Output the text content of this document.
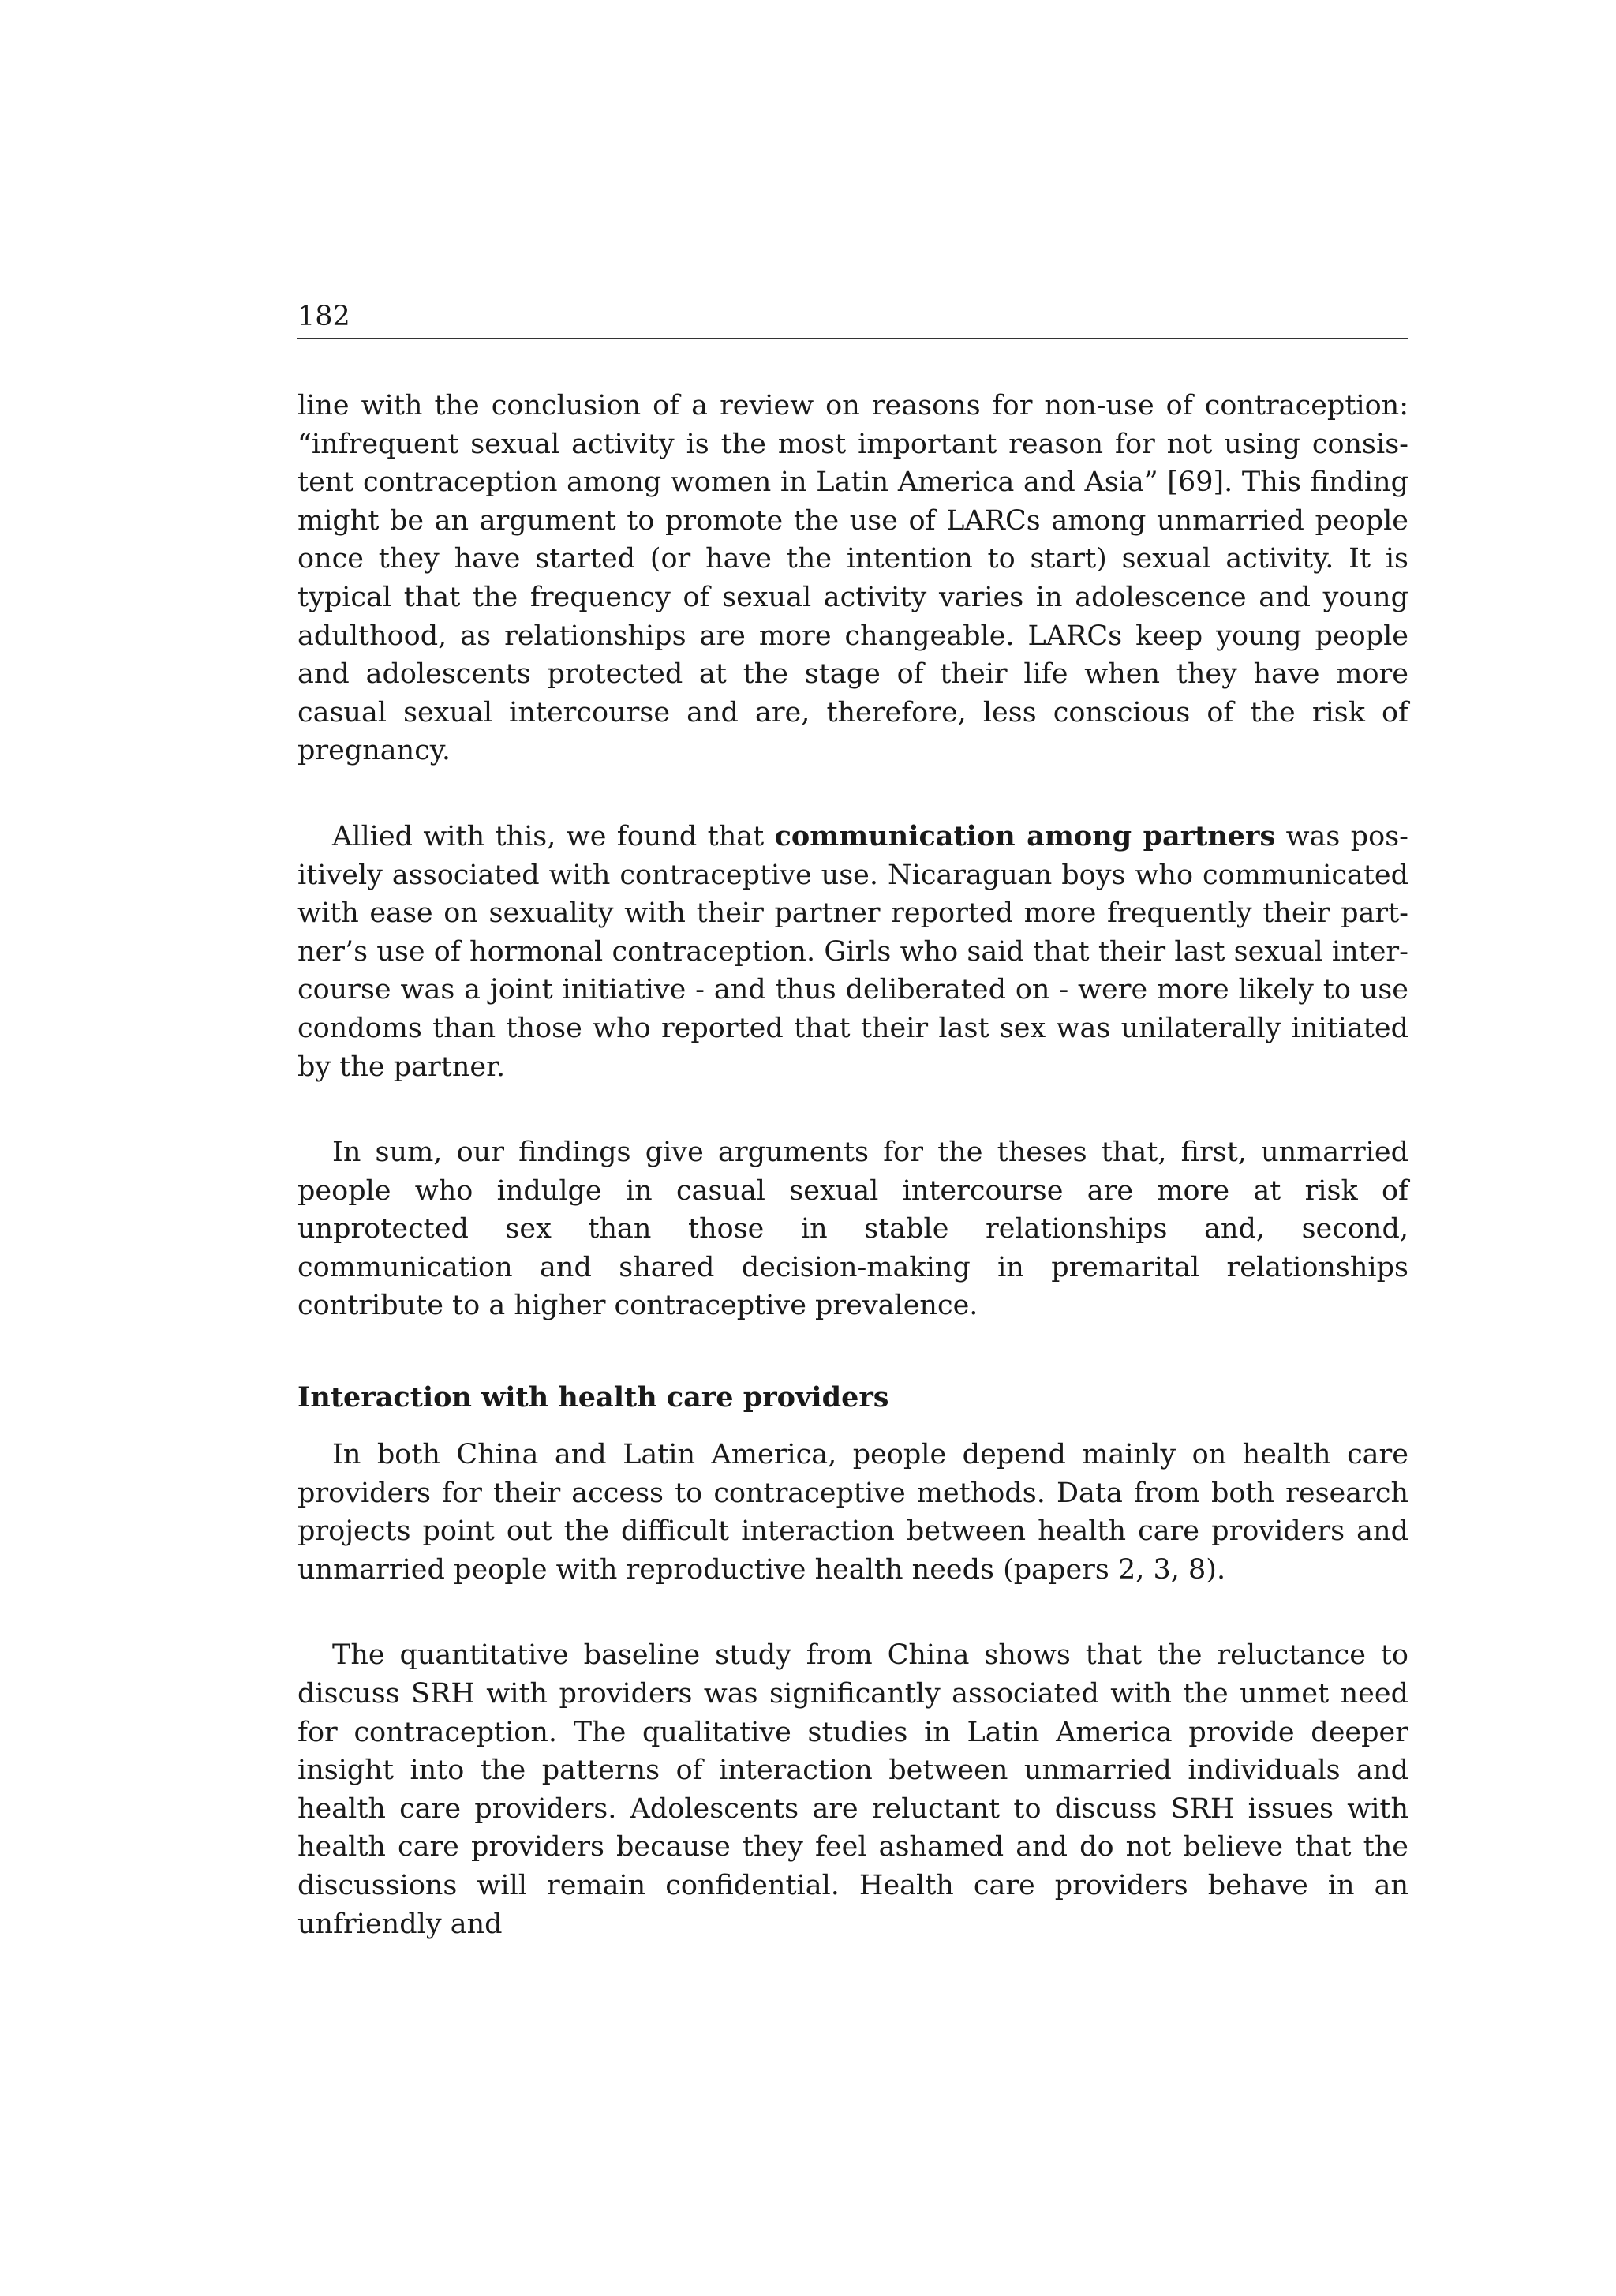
182

line with the conclusion of a review on reasons for non-use of contraception: “infrequent sexual activity is the most important reason for not using consistent contraception among women in Latin America and Asia” [69]. This finding might be an argument to promote the use of LARCs among unmarried people once they have started (or have the intention to start) sexual activity. It is typical that the frequency of sexual activity varies in adolescence and young adulthood, as relationships are more changeable. LARCs keep young people and adolescents protected at the stage of their life when they have more casual sexual intercourse and are, therefore, less conscious of the risk of pregnancy.

Allied with this, we found that communication among partners was positively associated with contraceptive use. Nicaraguan boys who communicated with ease on sexuality with their partner reported more frequently their partner’s use of hormonal contraception. Girls who said that their last sexual intercourse was a joint initiative - and thus deliberated on - were more likely to use condoms than those who reported that their last sex was unilaterally initiated by the partner.

In sum, our findings give arguments for the theses that, first, unmarried people who indulge in casual sexual intercourse are more at risk of unprotected sex than those in stable relationships and, second, communication and shared decision-making in premarital relationships contribute to a higher contraceptive prevalence.

Interaction with health care providers

In both China and Latin America, people depend mainly on health care providers for their access to contraceptive methods. Data from both research projects point out the difficult interaction between health care providers and unmarried people with reproductive health needs (papers 2, 3, 8).

The quantitative baseline study from China shows that the reluctance to discuss SRH with providers was significantly associated with the unmet need for contraception. The qualitative studies in Latin America provide deeper insight into the patterns of interaction between unmarried individuals and health care providers. Adolescents are reluctant to discuss SRH issues with health care providers because they feel ashamed and do not believe that the discussions will remain confidential. Health care providers behave in an unfriendly and
